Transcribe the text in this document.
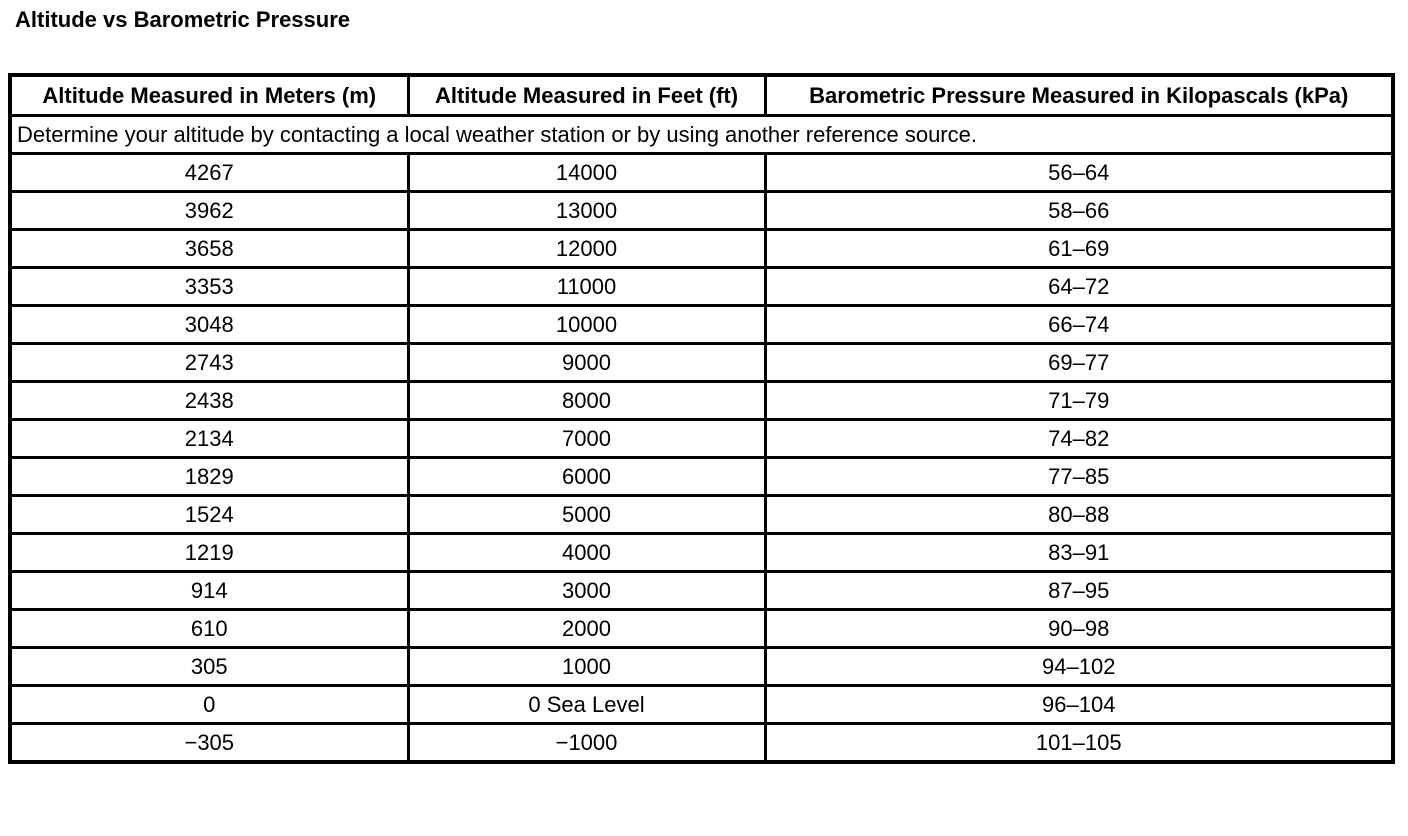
Altitude vs Barometric Pressure
Altitude Measured in Meters (m)	Altitude Measured in Feet (ft)	Barometric Pressure Measured in Kilopascals (kPa)
Determine your altitude by contacting a local weather station or by using another reference source.		
4267	14000	56–64
3962	13000	58–66
3658	12000	61–69
3353	11000	64–72
3048	10000	66–74
2743	9000	69–77
2438	8000	71–79
2134	7000	74–82
1829	6000	77–85
1524	5000	80–88
1219	4000	83–91
914	3000	87–95
610	2000	90–98
305	1000	94–102
0	0 Sea Level	96–104
−305	−1000	101–105
